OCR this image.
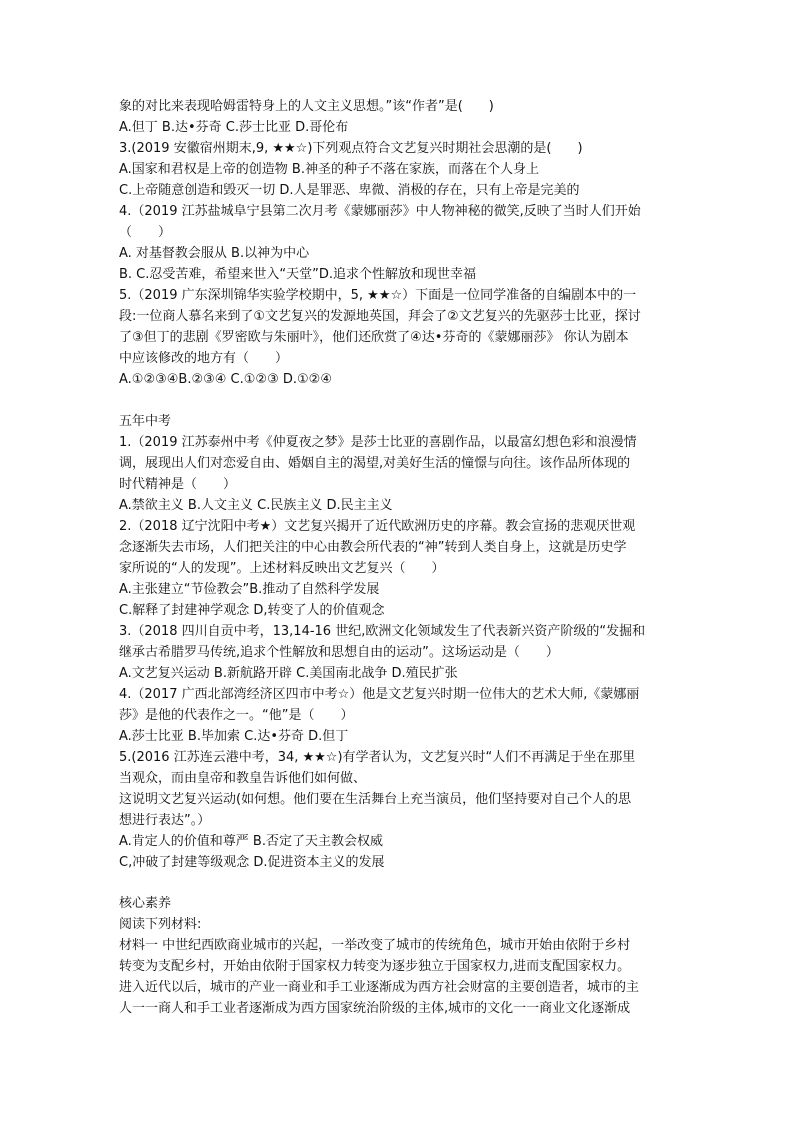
象的对比来表现哈姆雷特身上的人文主义思想。”该“作者”是(　　)
A.但丁 B.达•芬奇 C.莎士比亚 D.哥伦布
3.(2019 安徽宿州期末,9, ★★☆)下列观点符合文艺复兴时期社会思潮的是(　　)
A.国家和君权是上帝的创造物 B.神圣的种子不落在家族，而落在个人身上
C.上帝随意创造和毁灭一切 D.人是罪恶、卑微、消极的存在，只有上帝是完美的
4.（2019 江苏盐城阜宁县第二次月考《蒙娜丽莎》中人物神秘的微笑,反映了当时人们开始
（　　）
A. 对基督教会服从 B.以神为中心
B. C.忍受苦难，希望来世入“天堂”D.追求个性解放和现世幸福
5.（2019 广东深圳锦华实验学校期中，5, ★★☆）下面是一位同学准备的自编剧本中的一
段:一位商人慕名来到了①文艺复兴的发源地英国，拜会了②文艺复兴的先驱莎士比亚，探讨
了③但丁的悲剧《罗密欧与朱丽叶》，他们还欣赏了④达•芬奇的《蒙娜丽莎》 你认为剧本
中应该修改的地方有（　　）
A.①②③④B.②③④ C.①②③ D.①②④
五年中考
1.（2019 江苏泰州中考《仲夏夜之梦》是莎士比亚的喜剧作品，以最富幻想色彩和浪漫情
调，展现出人们对恋爱自由、婚姻自主的渴望,对美好生活的憧憬与向往。该作品所体现的
时代精神是（　　）
A.禁欲主义 B.人文主义 C.民族主义 D.民主主义
2.（2018 辽宁沈阳中考★）文艺复兴揭开了近代欧洲历史的序幕。教会宣扬的悲观厌世观
念逐渐失去市场，人们把关注的中心由教会所代表的“神”转到人类自身上，这就是历史学
家所说的“人的发现”。上述材料反映出文艺复兴（　　）
A.主张建立“节俭教会”B.推动了自然科学发展
C.解释了封建神学观念 D,转变了人的价值观念
3.（2018 四川自贡中考，13,14-16 世纪,欧洲文化领域发生了代表新兴资产阶级的“发掘和
继承古希腊罗马传统,追求个性解放和思想自由的运动”。这场运动是（　　）
A.文艺复兴运动 B.新航路开辟 C.美国南北战争 D.殖民扩张
4.（2017 广西北部湾经济区四市中考☆）他是文艺复兴时期一位伟大的艺术大师,《蒙娜丽
莎》是他的代表作之一。“他”是（　　）
A.莎士比亚 B.毕加索 C.达•芬奇 D.但丁
5.(2016 江苏连云港中考，34, ★★☆)有学者认为，文艺复兴时“人们不再满足于坐在那里
当观众，而由皇帝和教皇告诉他们如何做、
这说明文艺复兴运动(如何想。他们要在生活舞台上充当演员，他们坚持要对自己个人的思
想进行表达”。）
A.肯定人的价值和尊严 B.否定了天主教会权威
C,冲破了封建等级观念 D.促进资本主义的发展
核心素养
阅读下列材料:
材料一 中世纪西欧商业城市的兴起，一举改变了城市的传统角色，城市开始由依附于乡村
转变为支配乡村，开始由依附于国家权力转变为逐步独立于国家权力,进而支配国家权力。
进入近代以后，城市的产业一商业和手工业逐渐成为西方社会财富的主要创造者，城市的主
人一一商人和手工业者逐渐成为西方国家统治阶级的主体,城市的文化一一商业文化逐渐成
